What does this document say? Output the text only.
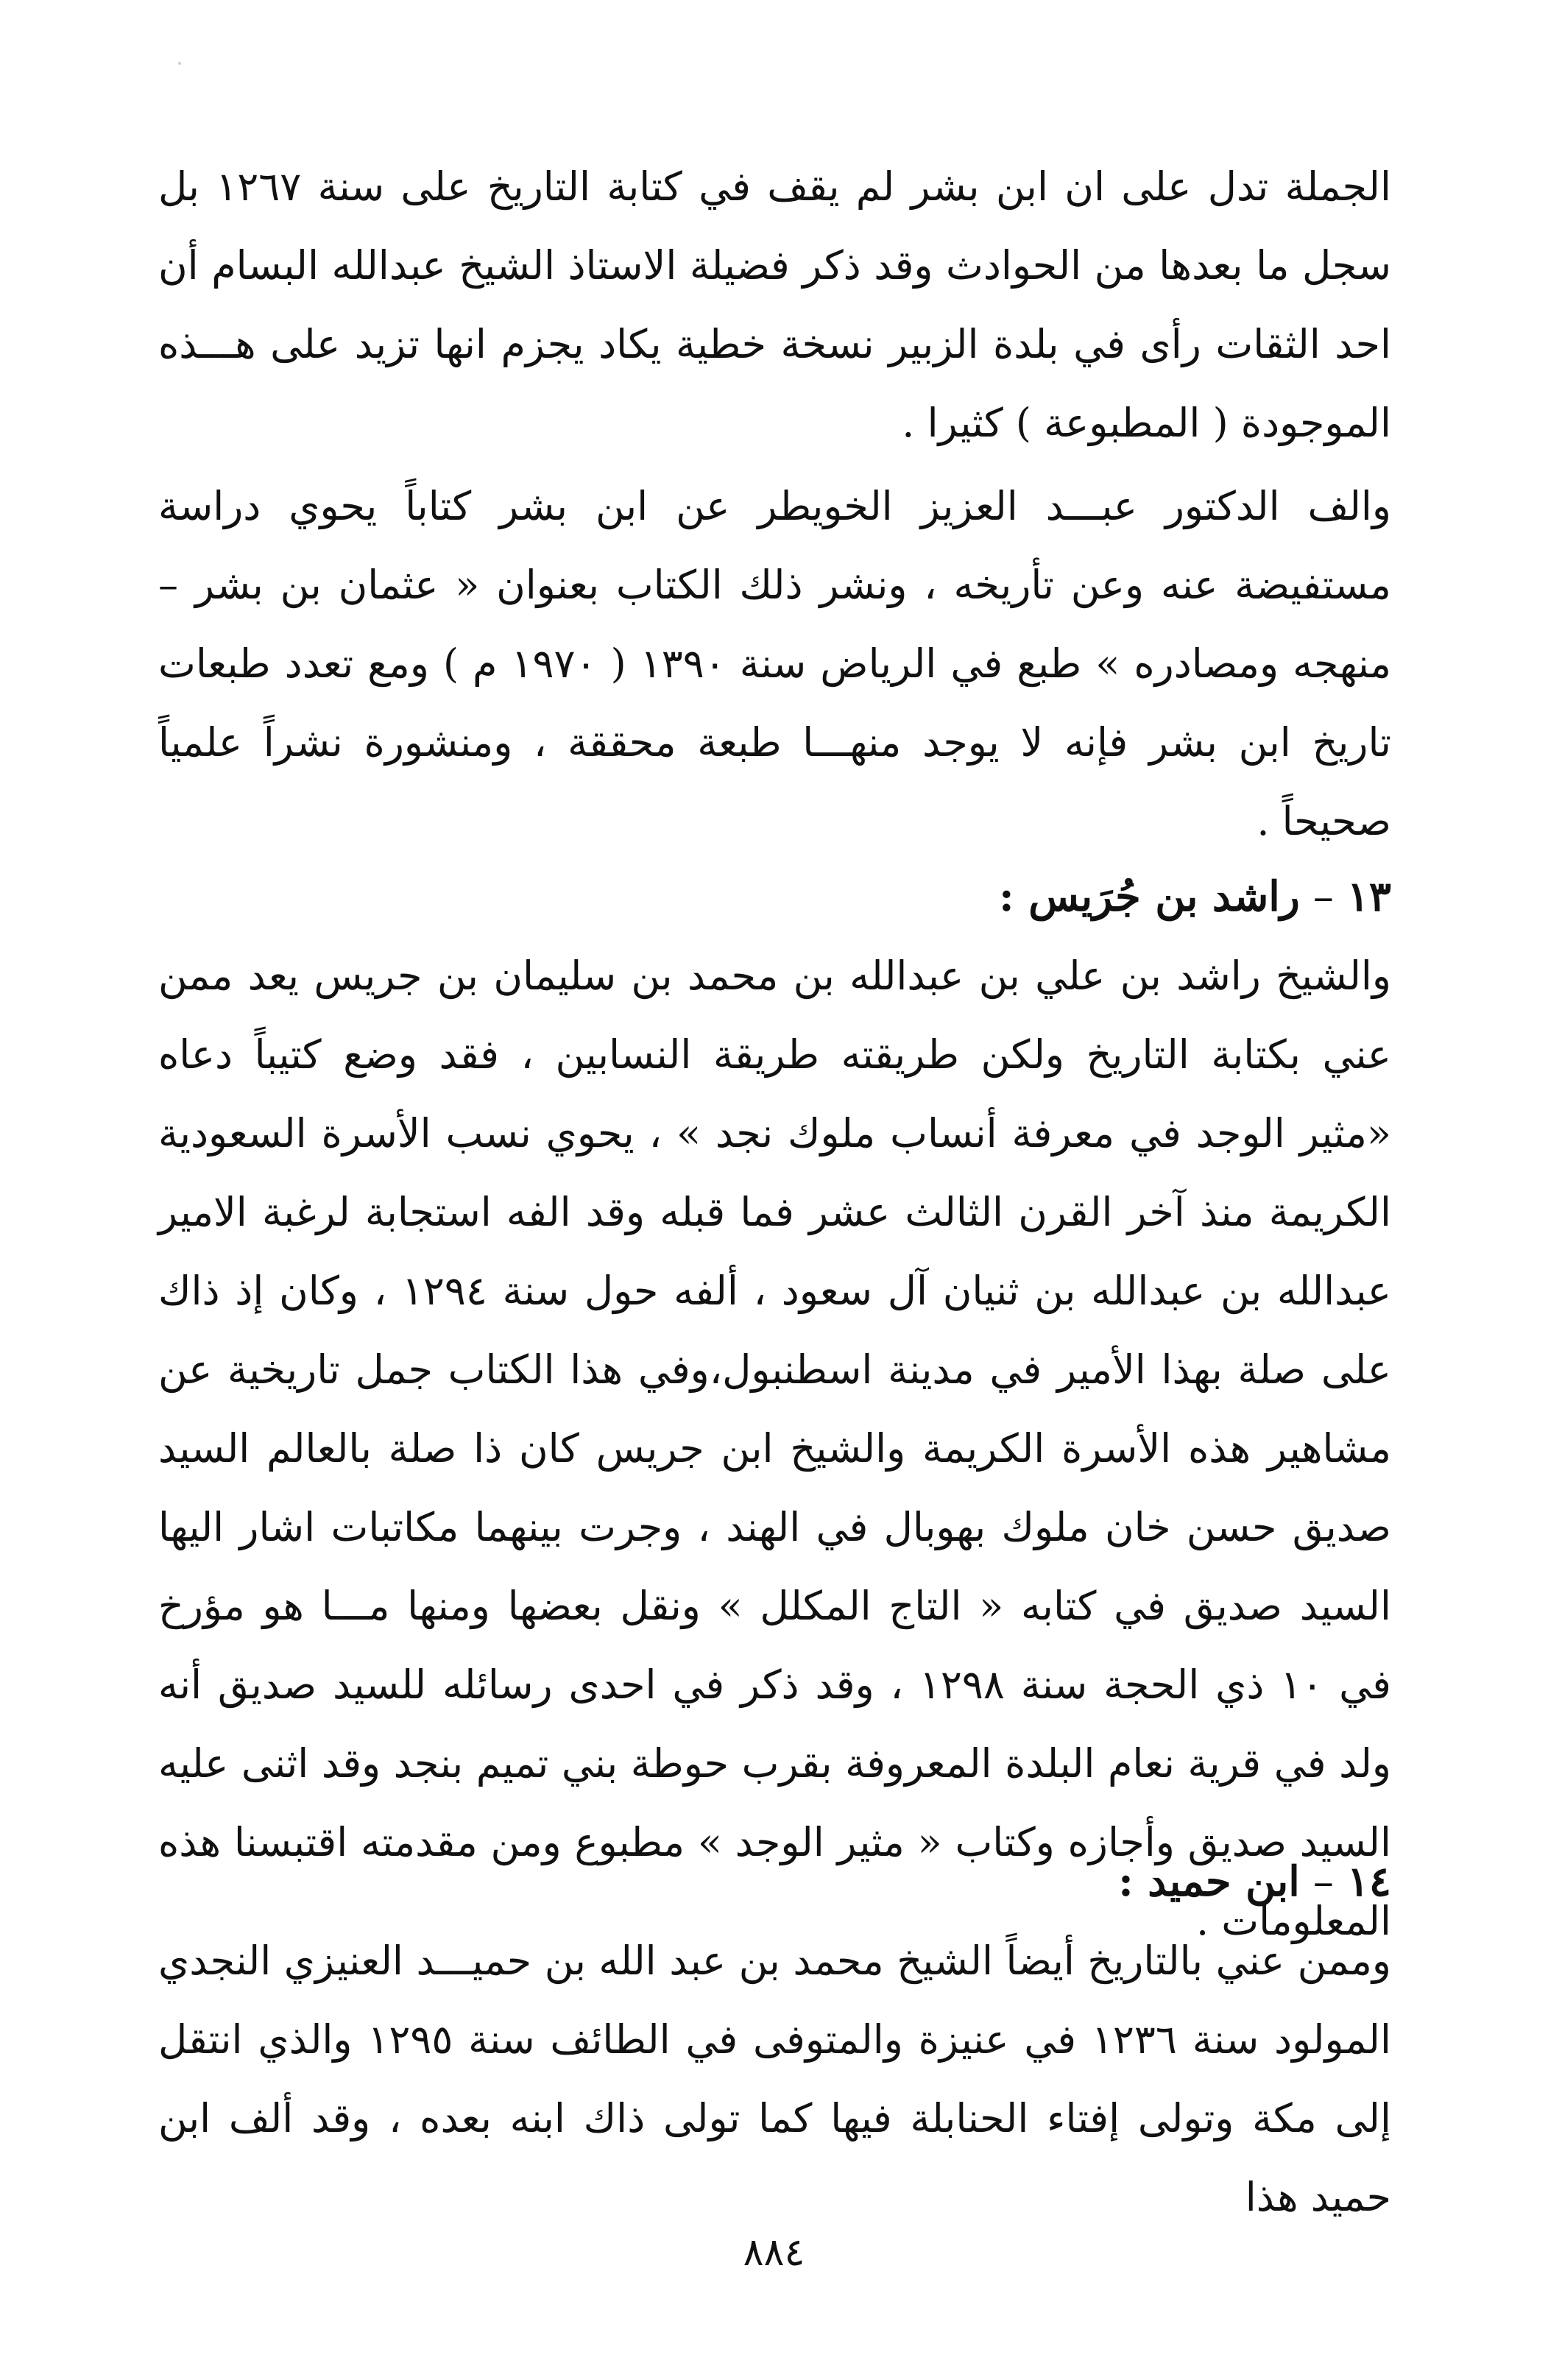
الجملة تدل على ان ابن بشر لم يقف في كتابة التاريخ على سنة ١٢٦٧ بل سجل ما بعدها من الحوادث وقد ذكر فضيلة الاستاذ الشيخ عبدالله البسام أن احد الثقات رأى في بلدة الزبير نسخة خطية يكاد يجزم انها تزيد على هـــذه الموجودة ( المطبوعة ) كثيرا .

والف الدكتور عبـــد العزيز الخويطر عن ابن بشر كتاباً يحوي دراسة مستفيضة عنه وعن تأريخه ، ونشر ذلك الكتاب بعنوان « عثمان بن بشر – منهجه ومصادره » طبع في الرياض سنة ١٣٩٠ ( ١٩٧٠ م ) ومع تعدد طبعات تاريخ ابن بشر فإنه لا يوجد منهـــا طبعة محققة ، ومنشورة نشراً علمياً صحيحاً .

١٣–راشد بن جُرَيس :

والشيخ راشد بن علي بن عبدالله بن محمد بن سليمان بن جريس يعد ممن عني بكتابة التاريخ ولكن طريقته طريقة النسابين ، فقد وضع كتيباً دعاه «مثير الوجد في معرفة أنساب ملوك نجد » ، يحوي نسب الأسرة السعودية الكريمة منذ آخر القرن الثالث عشر فما قبله وقد الفه استجابة لرغبة الامير عبدالله بن عبدالله بن ثنيان آل سعود ، ألفه حول سنة ١٢٩٤ ، وكان إذ ذاك على صلة بهذا الأمير في مدينة اسطنبول،وفي هذا الكتاب جمل تاريخية عن مشاهير هذه الأسرة الكريمة والشيخ ابن جريس كان ذا صلة بالعالم السيد صديق حسن خان ملوك بهوبال في الهند ، وجرت بينهما مكاتبات اشار اليها السيد صديق في كتابه « التاج المكلل » ونقل بعضها ومنها مـــا هو مؤرخ في ١٠ ذي الحجة سنة ١٢٩٨ ، وقد ذكر في احدى رسائله للسيد صديق أنه ولد في قرية نعام البلدة المعروفة بقرب حوطة بني تميم بنجد وقد اثنى عليه السيد صديق وأجازه وكتاب « مثير الوجد » مطبوع ومن مقدمته اقتبسنا هذه المعلومات .

١٤–ابن حميد :

وممن عني بالتاريخ أيضاً الشيخ محمد بن عبد الله بن حميـــد العنيزي النجدي المولود سنة ١٢٣٦ في عنيزة والمتوفى في الطائف سنة ١٢٩٥ والذي انتقل إلى مكة وتولى إفتاء الحنابلة فيها كما تولى ذاك ابنه بعده ، وقد ألف ابن حميد هذا

٨٨٤
